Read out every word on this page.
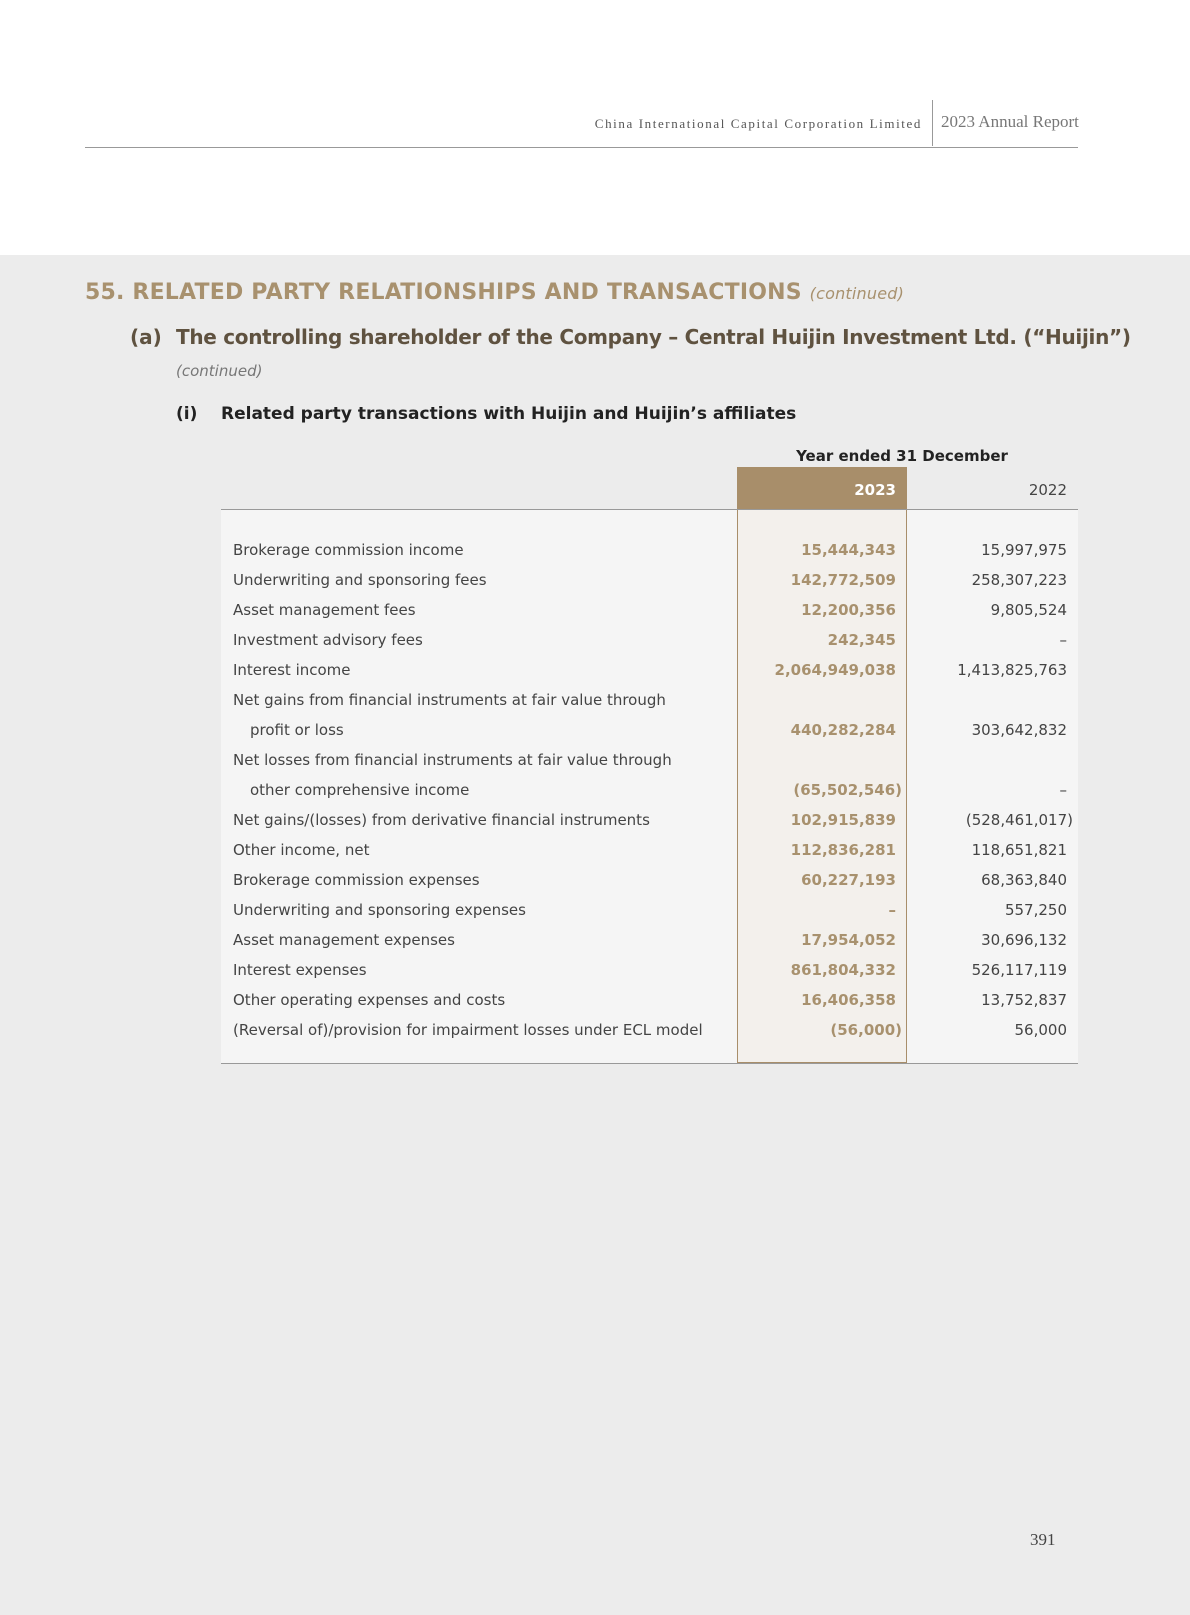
China International Capital Corporation Limited 2023 Annual Report
55. RELATED PARTY RELATIONSHIPS AND TRANSACTIONS (continued)
(a) The controlling shareholder of the Company – Central Huijin Investment Ltd. (“Huijin”)
(continued)
(i) Related party transactions with Huijin and Huijin’s affiliates
Year ended 31 December
2023	2022
Brokerage commission income	15,444,343	15,997,975
Underwriting and sponsoring fees	142,772,509	258,307,223
Asset management fees	12,200,356	9,805,524
Investment advisory fees	242,345	–
Interest income	2,064,949,038	1,413,825,763
Net gains from financial instruments at fair value through
profit or loss	440,282,284	303,642,832
Net losses from financial instruments at fair value through
other comprehensive income	(65,502,546)	–
Net gains/(losses) from derivative financial instruments	102,915,839	(528,461,017)
Other income, net	112,836,281	118,651,821
Brokerage commission expenses	60,227,193	68,363,840
Underwriting and sponsoring expenses	–	557,250
Asset management expenses	17,954,052	30,696,132
Interest expenses	861,804,332	526,117,119
Other operating expenses and costs	16,406,358	13,752,837
(Reversal of)/provision for impairment losses under ECL model	(56,000)	56,000
391
